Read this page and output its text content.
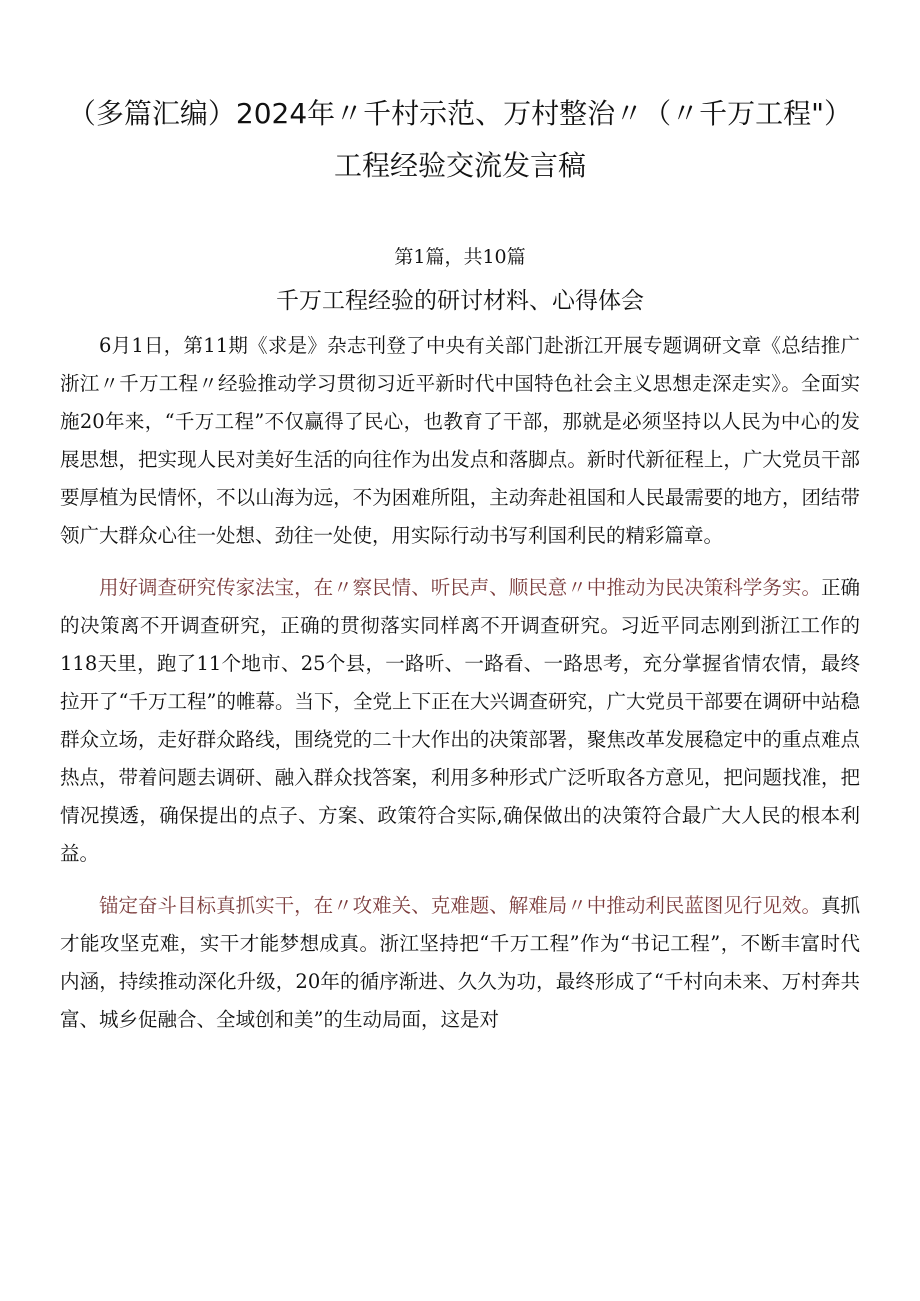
（多篇汇编）2024年〃千村示范、万村整治〃（〃千万工程"）工程经验交流发言稿
第1篇，共10篇
千万工程经验的研讨材料、心得体会

6月1日，第11期《求是》杂志刊登了中央有关部门赴浙江开展专题调研文章《总结推广浙江〃千万工程〃经验推动学习贯彻习近平新时代中国特色社会主义思想走深走实》。全面实施20年来，“千万工程”不仅赢得了民心，也教育了干部，那就是必须坚持以人民为中心的发展思想，把实现人民对美好生活的向往作为出发点和落脚点。新时代新征程上，广大党员干部要厚植为民情怀，不以山海为远，不为困难所阻，主动奔赴祖国和人民最需要的地方，团结带领广大群众心往一处想、劲往一处使，用实际行动书写利国利民的精彩篇章。

用好调查研究传家法宝，在〃察民情、听民声、顺民意〃中推动为民决策科学务实。正确的决策离不开调查研究，正确的贯彻落实同样离不开调查研究。习近平同志刚到浙江工作的118天里，跑了11个地市、25个县，一路听、一路看、一路思考，充分掌握省情农情，最终拉开了“千万工程”的帷幕。当下，全党上下正在大兴调查研究，广大党员干部要在调研中站稳群众立场，走好群众路线，围绕党的二十大作出的决策部署，聚焦改革发展稳定中的重点难点热点，带着问题去调研、融入群众找答案，利用多种形式广泛听取各方意见，把问题找准，把情况摸透，确保提出的点子、方案、政策符合实际,确保做出的决策符合最广大人民的根本利益。

锚定奋斗目标真抓实干，在〃攻难关、克难题、解难局〃中推动利民蓝图见行见效。真抓才能攻坚克难，实干才能梦想成真。浙江坚持把“千万工程”作为“书记工程”，不断丰富时代内涵，持续推动深化升级，20年的循序渐进、久久为功，最终形成了“千村向未来、万村奔共富、城乡促融合、全域创和美”的生动局面，这是对
